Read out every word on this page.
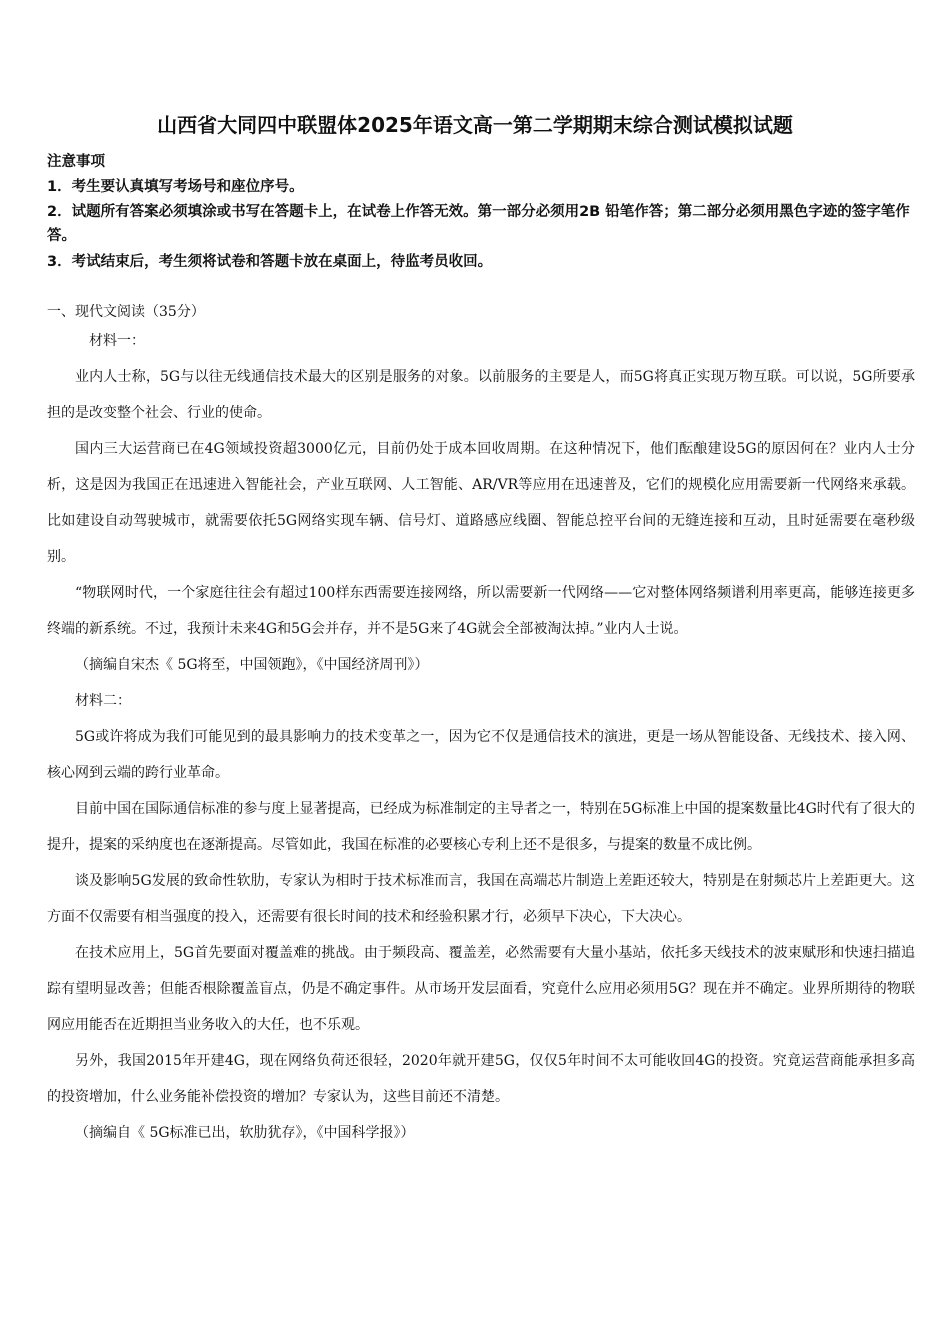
山西省大同四中联盟体2025年语文高一第二学期期末综合测试模拟试题

注意事项

1．考生要认真填写考场号和座位序号。

2．试题所有答案必须填涂或书写在答题卡上，在试卷上作答无效。第一部分必须用2B 铅笔作答；第二部分必须用黑色字迹的签字笔作答。

3．考试结束后，考生须将试卷和答题卡放在桌面上，待监考员收回。

一、现代文阅读（35分）

材料一：

业内人士称，5G与以往无线通信技术最大的区别是服务的对象。以前服务的主要是人，而5G将真正实现万物互联。可以说，5G所要承担的是改变整个社会、行业的使命。

国内三大运营商已在4G领域投资超3000亿元，目前仍处于成本回收周期。在这种情况下，他们酝酿建设5G的原因何在？业内人士分析，这是因为我国正在迅速进入智能社会，产业互联网、人工智能、AR/VR等应用在迅速普及，它们的规模化应用需要新一代网络来承载。比如建设自动驾驶城市，就需要依托5G网络实现车辆、信号灯、道路感应线圈、智能总控平台间的无缝连接和互动，且时延需要在毫秒级别。

“物联网时代，一个家庭往往会有超过100样东西需要连接网络，所以需要新一代网络——它对整体网络频谱利用率更高，能够连接更多终端的新系统。不过，我预计未来4G和5G会并存，并不是5G来了4G就会全部被淘汰掉。”业内人士说。

（摘编自宋杰《 5G将至，中国领跑》，《中国经济周刊》）

材料二：

5G或许将成为我们可能见到的最具影响力的技术变革之一，因为它不仅是通信技术的演进，更是一场从智能设备、无线技术、接入网、核心网到云端的跨行业革命。

目前中国在国际通信标准的参与度上显著提高，已经成为标准制定的主导者之一，特别在5G标准上中国的提案数量比4G时代有了很大的提升，提案的采纳度也在逐渐提高。尽管如此，我国在标准的必要核心专利上还不是很多，与提案的数量不成比例。

谈及影响5G发展的致命性软肋，专家认为相时于技术标准而言，我国在高端芯片制造上差距还较大，特别是在射频芯片上差距更大。这方面不仅需要有相当强度的投入，还需要有很长时间的技术和经验积累才行，必须早下决心，下大决心。

在技术应用上，5G首先要面对覆盖难的挑战。由于频段高、覆盖差，必然需要有大量小基站，依托多天线技术的波束赋形和快速扫描追踪有望明显改善；但能否根除覆盖盲点，仍是不确定事件。从市场开发层面看，究竟什么应用必须用5G？现在并不确定。业界所期待的物联网应用能否在近期担当业务收入的大任，也不乐观。

另外，我国2015年开建4G，现在网络负荷还很轻，2020年就开建5G，仅仅5年时间不太可能收回4G的投资。究竟运营商能承担多高的投资增加，什么业务能补偿投资的增加？专家认为，这些目前还不清楚。

（摘编自《 5G标准已出，软肋犹存》，《中国科学报》）
